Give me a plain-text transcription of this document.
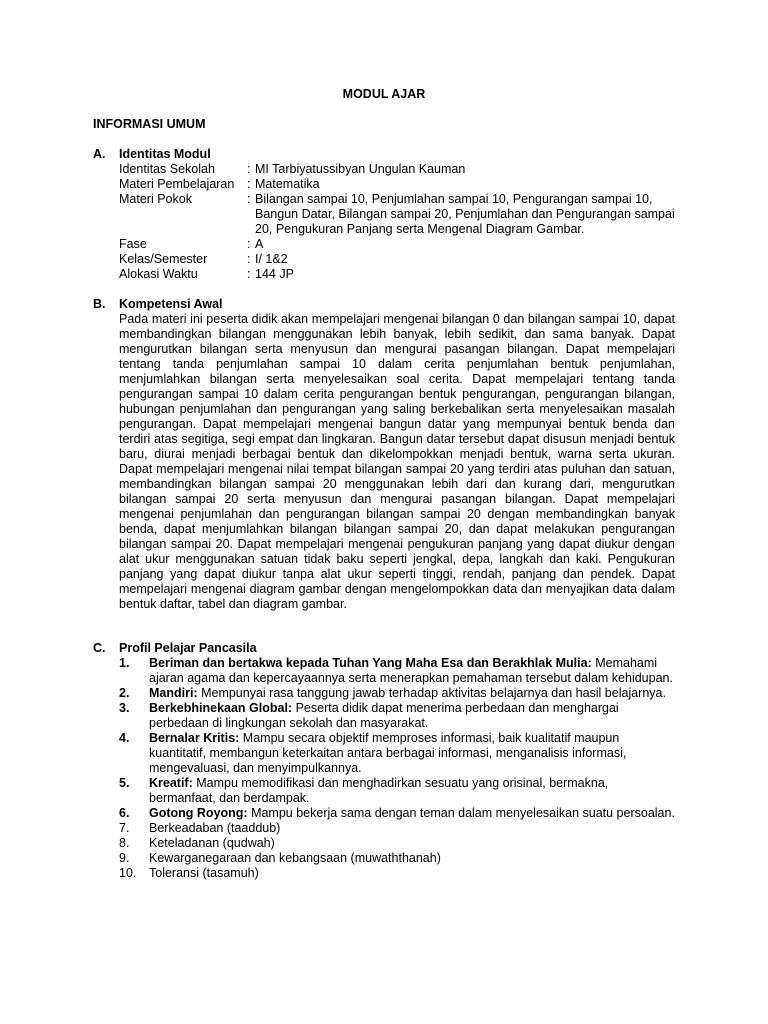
MODUL AJAR
INFORMASI UMUM
A. Identitas Modul
Identitas Sekolah	: MI Tarbiyatussibyan Ungulan Kauman
Materi Pembelajaran	: Matematika
Materi Pokok	: Bilangan sampai 10, Penjumlahan sampai 10, Pengurangan sampai 10, Bangun Datar, Bilangan sampai 20, Penjumlahan dan Pengurangan sampai 20, Pengukuran Panjang serta Mengenal Diagram Gambar.
Fase	: A
Kelas/Semester	: I/ 1&2
Alokasi Waktu	: 144 JP
B. Kompetensi Awal
Pada materi ini peserta didik akan mempelajari mengenai bilangan 0 dan bilangan sampai 10, dapat membandingkan bilangan menggunakan lebih banyak, lebih sedikit, dan sama banyak. Dapat mengurutkan bilangan serta menyusun dan mengurai pasangan bilangan. Dapat mempelajari tentang tanda penjumlahan sampai 10 dalam cerita penjumlahan bentuk penjumlahan, menjumlahkan bilangan serta menyelesaikan soal cerita. Dapat mempelajari tentang tanda pengurangan sampai 10 dalam cerita pengurangan bentuk pengurangan, pengurangan bilangan, hubungan penjumlahan dan pengurangan yang saling berkebalikan serta menyelesaikan masalah pengurangan. Dapat mempelajari mengenai bangun datar yang mempunyai bentuk benda dan terdiri atas segitiga, segi empat dan lingkaran. Bangun datar tersebut dapat disusun menjadi bentuk baru, diurai menjadi berbagai bentuk dan dikelompokkan menjadi bentuk, warna serta ukuran. Dapat mempelajari mengenai nilai tempat bilangan sampai 20 yang terdiri atas puluhan dan satuan, membandingkan bilangan sampai 20 menggunakan lebih dari dan kurang dari, mengurutkan bilangan sampai 20 serta menyusun dan mengurai pasangan bilangan. Dapat mempelajari mengenai penjumlahan dan pengurangan bilangan sampai 20 dengan membandingkan banyak benda, dapat menjumlahkan bilangan bilangan sampai 20, dan dapat melakukan pengurangan bilangan sampai 20. Dapat mempelajari mengenai pengukuran panjang yang dapat diukur dengan alat ukur menggunakan satuan tidak baku seperti jengkal, depa, langkah dan kaki. Pengukuran panjang yang dapat diukur tanpa alat ukur seperti tinggi, rendah, panjang dan pendek. Dapat mempelajari mengenai diagram gambar dengan mengelompokkan data dan menyajikan data dalam bentuk daftar, tabel dan diagram gambar.
C. Profil Pelajar Pancasila
1.	Beriman dan bertakwa kepada Tuhan Yang Maha Esa dan Berakhlak Mulia: Memahami ajaran agama dan kepercayaannya serta menerapkan pemahaman tersebut dalam kehidupan.
2.	Mandiri: Mempunyai rasa tanggung jawab terhadap aktivitas belajarnya dan hasil belajarnya.
3.	Berkebhinekaan Global: Peserta didik dapat menerima perbedaan dan menghargai perbedaan di lingkungan sekolah dan masyarakat.
4.	Bernalar Kritis: Mampu secara objektif memproses informasi, baik kualitatif maupun kuantitatif, membangun keterkaitan antara berbagai informasi, menganalisis informasi, mengevaluasi, dan menyimpulkannya.
5.	Kreatif: Mampu memodifikasi dan menghadirkan sesuatu yang orisinal, bermakna, bermanfaat, dan berdampak.
6.	Gotong Royong: Mampu bekerja sama dengan teman dalam menyelesaikan suatu persoalan.
7.	Berkeadaban (taaddub)
8.	Keteladanan (qudwah)
9.	Kewarganegaraan dan kebangsaan (muwaththanah)
10.	Toleransi (tasamuh)
